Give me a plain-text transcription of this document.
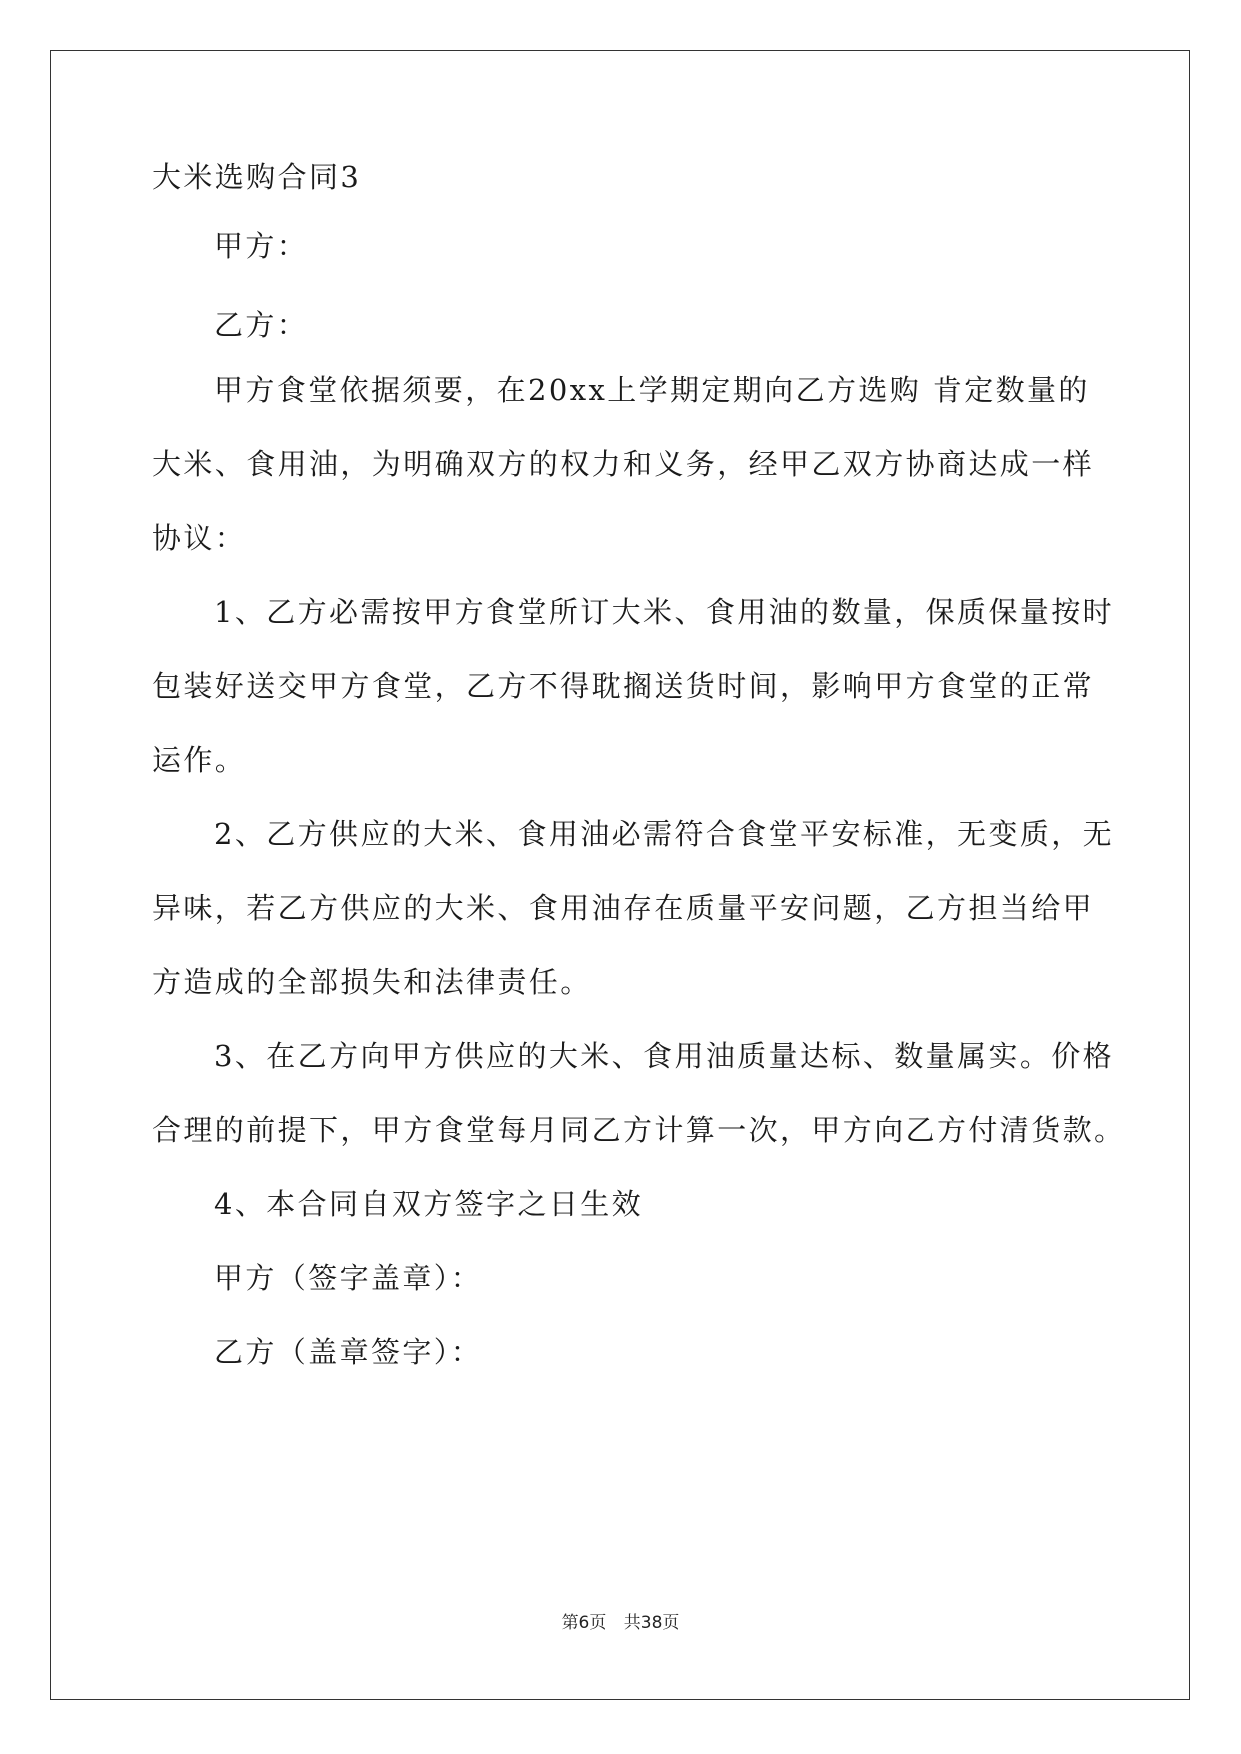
大米选购合同3
甲方：
乙方：
甲方食堂依据须要，在20xx上学期定期向乙方选购 肯定数量的
大米、食用油，为明确双方的权力和义务，经甲乙双方协商达成一样
协议：
1、乙方必需按甲方食堂所订大米、食用油的数量，保质保量按时
包装好送交甲方食堂，乙方不得耽搁送货时间，影响甲方食堂的正常
运作。
2、乙方供应的大米、食用油必需符合食堂平安标准，无变质，无
异味，若乙方供应的大米、食用油存在质量平安问题，乙方担当给甲
方造成的全部损失和法律责任。
3、在乙方向甲方供应的大米、食用油质量达标、数量属实。价格
合理的前提下，甲方食堂每月同乙方计算一次，甲方向乙方付清货款。
4、本合同自双方签字之日生效
甲方（签字盖章）：
乙方（盖章签字）：
第6页 共38页
